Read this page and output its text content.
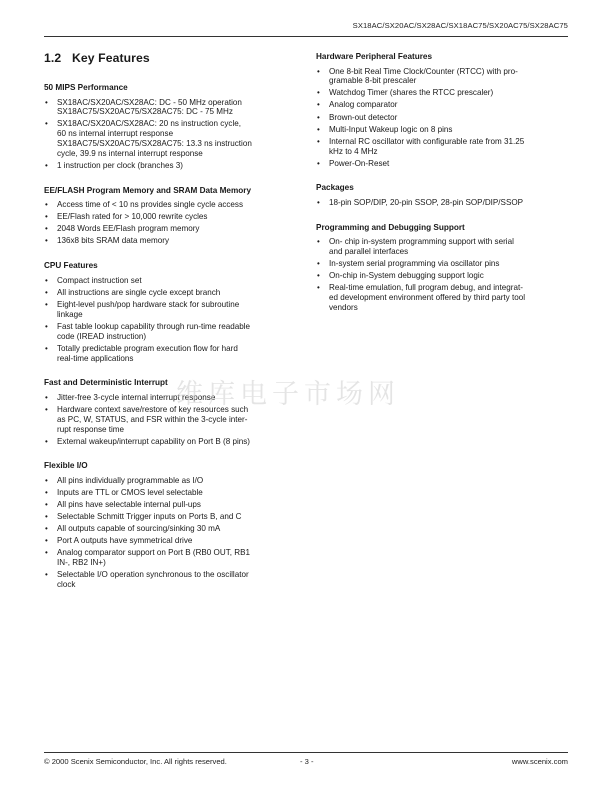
SX18AC/SX20AC/SX28AC/SX18AC75/SX20AC75/SX28AC75
1.2 Key Features
50 MIPS Performance
• SX18AC/SX20AC/SX28AC: DC - 50 MHz operation
SX18AC75/SX20AC75/SX28AC75: DC - 75 MHz
• SX18AC/SX20AC/SX28AC: 20 ns instruction cycle,
60 ns internal interrupt response
SX18AC75/SX20AC75/SX28AC75: 13.3 ns instruction
cycle, 39.9 ns internal interrupt response
• 1 instruction per clock (branches 3)
EE/FLASH Program Memory and SRAM Data Memory
• Access time of < 10 ns provides single cycle access
• EE/Flash rated for > 10,000 rewrite cycles
• 2048 Words EE/Flash program memory
• 136x8 bits SRAM data memory
CPU Features
• Compact instruction set
• All instructions are single cycle except branch
• Eight-level push/pop hardware stack for subroutine
linkage
• Fast table lookup capability through run-time readable
code (IREAD instruction)
• Totally predictable program execution flow for hard
real-time applications
Fast and Deterministic Interrupt
• Jitter-free 3-cycle internal interrupt response
• Hardware context save/restore of key resources such
as PC, W, STATUS, and FSR within the 3-cycle inter-
rupt response time
• External wakeup/interrupt capability on Port B (8 pins)
Flexible I/O
• All pins individually programmable as I/O
• Inputs are TTL or CMOS level selectable
• All pins have selectable internal pull-ups
• Selectable Schmitt Trigger inputs on Ports B, and C
• All outputs capable of sourcing/sinking 30 mA
• Port A outputs have symmetrical drive
• Analog comparator support on Port B (RB0 OUT, RB1
IN-, RB2 IN+)
• Selectable I/O operation synchronous to the oscillator
clock
Hardware Peripheral Features
• One 8-bit Real Time Clock/Counter (RTCC) with pro-
gramable 8-bit prescaler
• Watchdog Timer (shares the RTCC prescaler)
• Analog comparator
• Brown-out detector
• Multi-Input Wakeup logic on 8 pins
• Internal RC oscillator with configurable rate from 31.25
kHz to 4 MHz
• Power-On-Reset
Packages
• 18-pin SOP/DIP, 20-pin SSOP, 28-pin SOP/DIP/SSOP
Programming and Debugging Support
• On- chip in-system programming support with serial
and parallel interfaces
• In-system serial programming via oscillator pins
• On-chip in-System debugging support logic
• Real-time emulation, full program debug, and integrat-
ed development environment offered by third party tool
vendors
维库电子市场网
© 2000 Scenix Semiconductor, Inc. All rights reserved.	- 3 -	www.scenix.com
